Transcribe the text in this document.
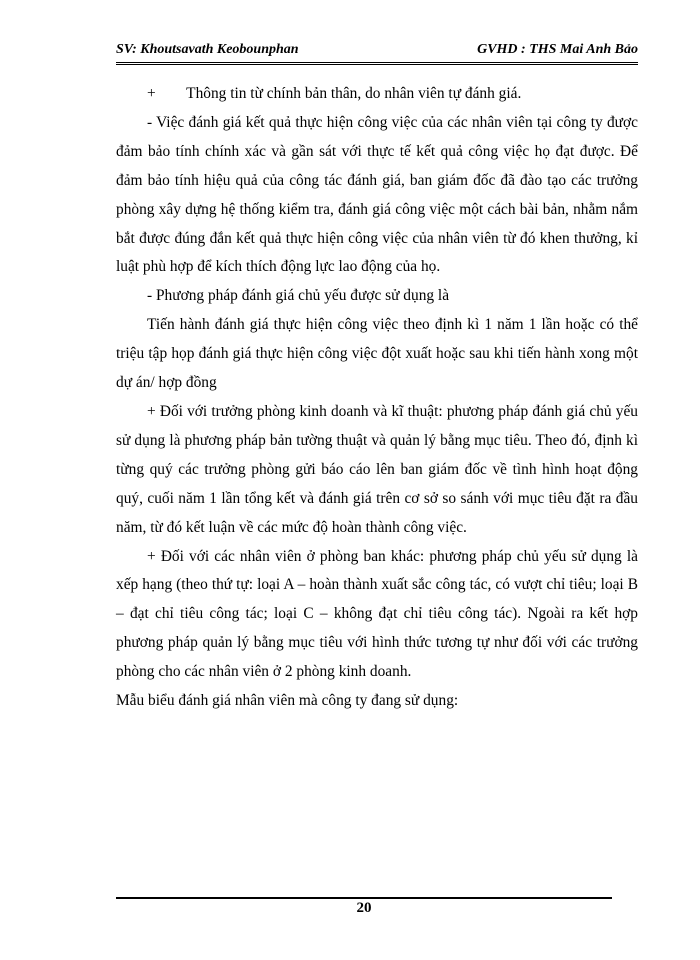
SV: Khoutsavath Keobounphan	GVHD : THS Mai Anh Bảo

+        Thông tin từ chính bản thân, do nhân viên tự đánh giá.

- Việc đánh giá kết quả thực hiện công việc của các nhân viên tại công ty được đảm bảo tính chính xác và gần sát với thực tế kết quả công việc họ đạt được. Để đảm bảo tính hiệu quả của công tác đánh giá, ban giám đốc đã đào tạo các trưởng phòng xây dựng hệ thống kiểm tra, đánh giá công việc một cách bài bản, nhằm nắm bắt được đúng đắn kết quả thực hiện công việc của nhân viên từ đó khen thưởng, kỉ luật phù hợp để kích thích động lực lao động của họ.

- Phương pháp đánh giá chủ yếu được sử dụng là

Tiến hành đánh giá thực hiện công việc theo định kì 1 năm 1 lần hoặc có thể triệu tập họp đánh giá thực hiện công việc đột xuất hoặc sau khi tiến hành xong một dự án/ hợp đồng

+ Đối với trưởng phòng kinh doanh và kĩ thuật: phương pháp đánh giá chủ yếu sử dụng là phương pháp bản tường thuật và quản lý bằng mục tiêu. Theo đó, định kì từng quý các trưởng phòng gửi báo cáo lên ban giám đốc về tình hình hoạt động quý, cuối năm 1 lần tổng kết và đánh giá trên cơ sở so sánh với mục tiêu đặt ra đầu năm, từ đó kết luận về các mức độ hoàn thành công việc.

+ Đối với các nhân viên ở phòng ban khác: phương pháp chủ yếu sử dụng là xếp hạng (theo thứ tự: loại A – hoàn thành xuất sắc công tác, có vượt chỉ tiêu; loại B – đạt chỉ tiêu công tác; loại C – không đạt chỉ tiêu công tác). Ngoài ra kết hợp phương pháp quản lý bằng mục tiêu với hình thức tương tự như đối với các trưởng phòng cho các nhân viên ở 2 phòng kinh doanh.

Mẫu biểu đánh giá nhân viên mà công ty đang sử dụng:

20
